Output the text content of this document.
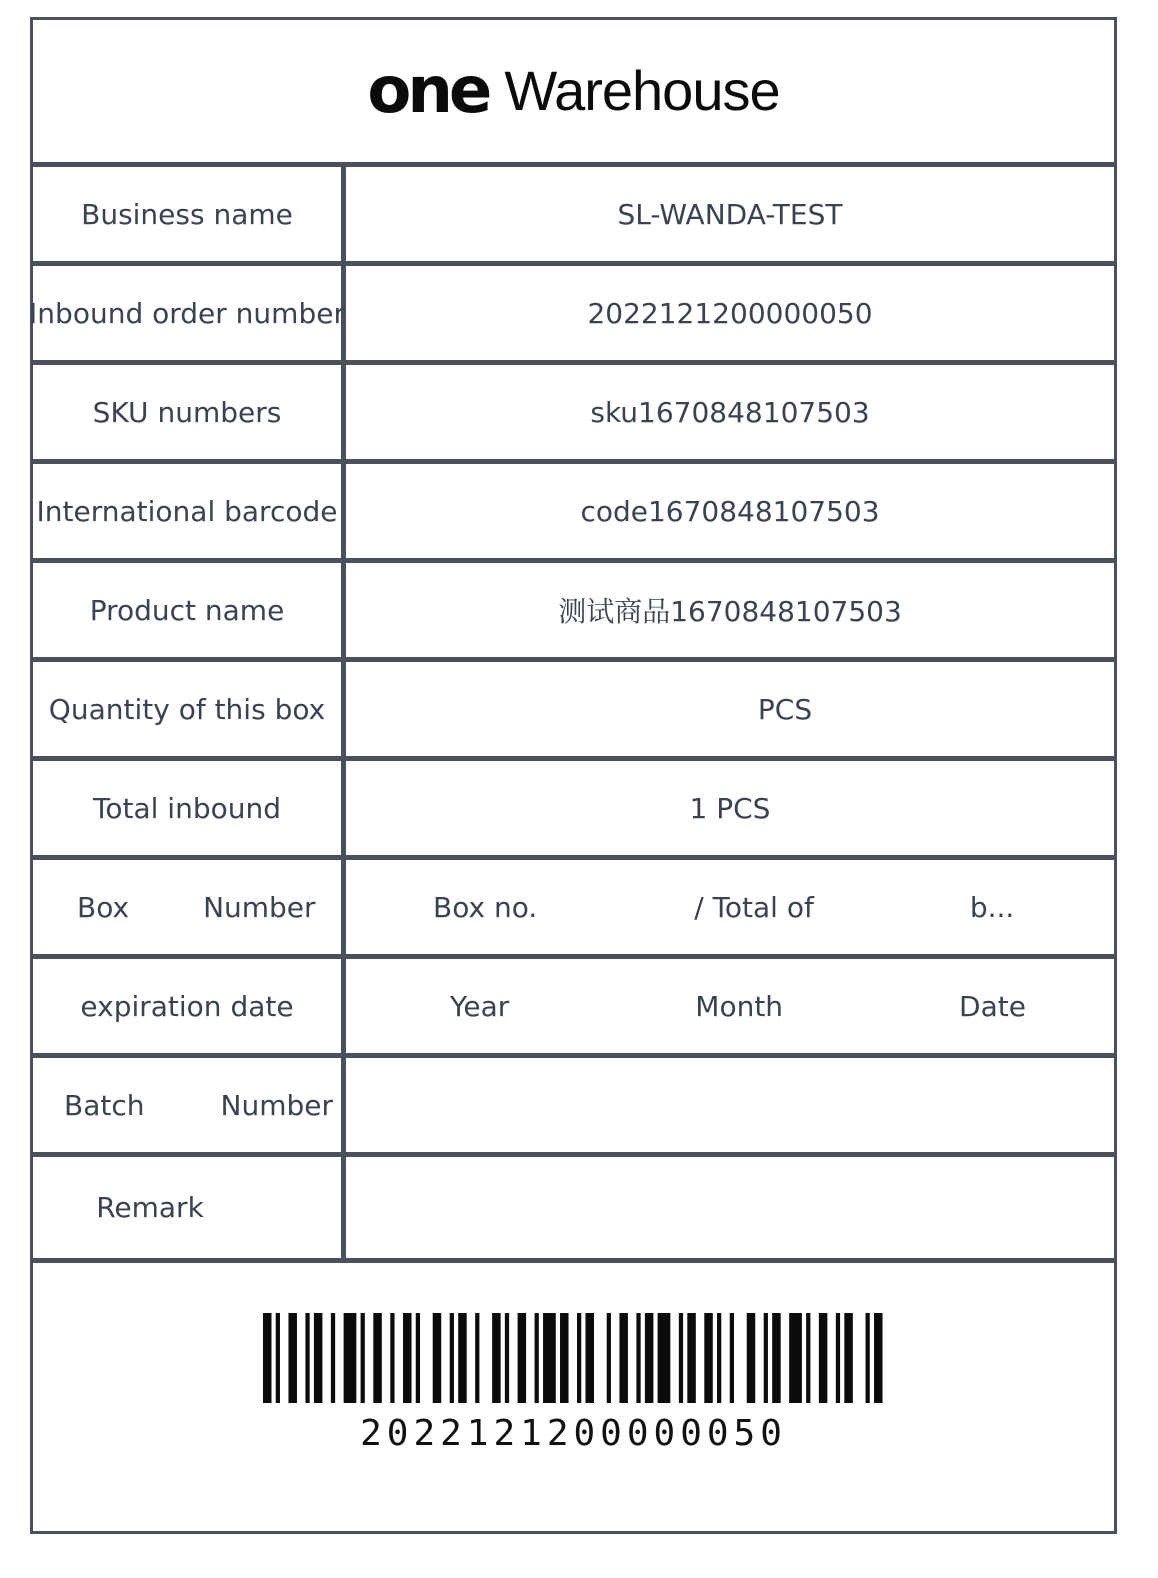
one Warehouse
Business name	SL-WANDA-TEST
Inbound order number	2022121200000050
SKU numbers	sku1670848107503
International barcode	code1670848107503
Product name	测试商品1670848107503
Quantity of this box	PCS
Total inbound	1 PCS
Box	Number	Box no.	/ Total of	b...
expiration date	Year	Month	Date
Batch	Number
Remark
2022121200000050
